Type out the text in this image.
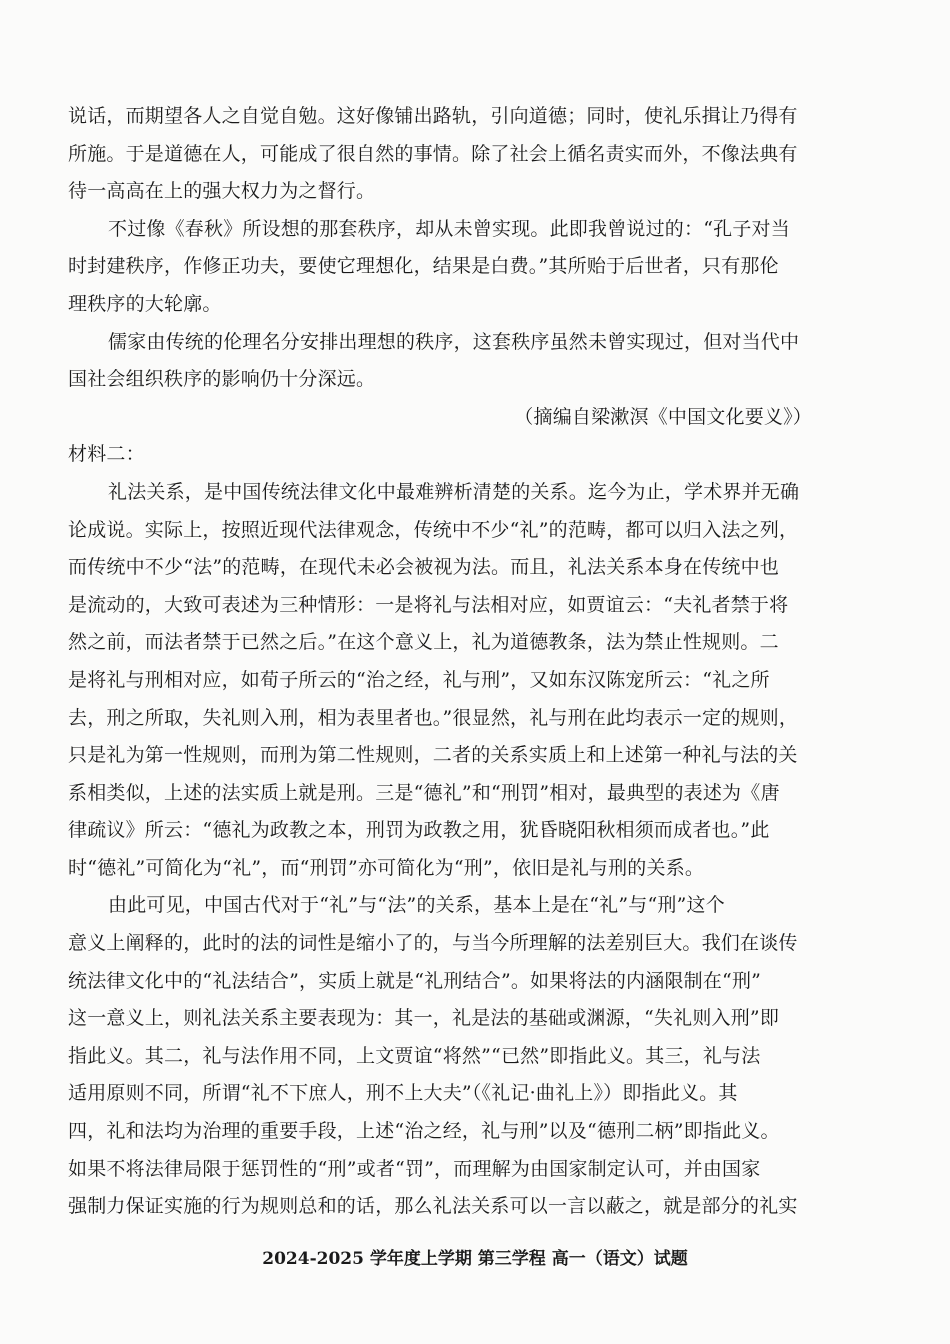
说话，而期望各人之自觉自勉。这好像铺出路轨，引向道德；同时，使礼乐揖让乃得有
所施。于是道德在人，可能成了很自然的事情。除了社会上循名责实而外，不像法典有
待一高高在上的强大权力为之督行。
不过像《春秋》所设想的那套秩序，却从未曾实现。此即我曾说过的：“孔子对当
时封建秩序，作修正功夫，要使它理想化，结果是白费。”其所贻于后世者，只有那伦
理秩序的大轮廓。
儒家由传统的伦理名分安排出理想的秩序，这套秩序虽然未曾实现过，但对当代中
国社会组织秩序的影响仍十分深远。
（摘编自梁漱溟《中国文化要义》）
材料二：
礼法关系，是中国传统法律文化中最难辨析清楚的关系。迄今为止，学术界并无确
论成说。实际上，按照近现代法律观念，传统中不少“礼”的范畴，都可以归入法之列，
而传统中不少“法”的范畴，在现代未必会被视为法。而且，礼法关系本身在传统中也
是流动的，大致可表述为三种情形：一是将礼与法相对应，如贾谊云：“夫礼者禁于将
然之前，而法者禁于已然之后。”在这个意义上，礼为道德教条，法为禁止性规则。二
是将礼与刑相对应，如荀子所云的“治之经，礼与刑”，又如东汉陈宠所云：“礼之所
去，刑之所取，失礼则入刑，相为表里者也。”很显然，礼与刑在此均表示一定的规则，
只是礼为第一性规则，而刑为第二性规则，二者的关系实质上和上述第一种礼与法的关
系相类似，上述的法实质上就是刑。三是“德礼”和“刑罚”相对，最典型的表述为《唐
律疏议》所云：“德礼为政教之本，刑罚为政教之用，犹昏晓阳秋相须而成者也。”此
时“德礼”可简化为“礼”，而“刑罚”亦可简化为“刑”，依旧是礼与刑的关系。
由此可见，中国古代对于“礼”与“法”的关系，基本上是在“礼”与“刑”这个
意义上阐释的，此时的法的词性是缩小了的，与当今所理解的法差别巨大。我们在谈传
统法律文化中的“礼法结合”，实质上就是“礼刑结合”。如果将法的内涵限制在“刑”
这一意义上，则礼法关系主要表现为：其一，礼是法的基础或渊源，“失礼则入刑”即
指此义。其二，礼与法作用不同，上文贾谊“将然”“已然”即指此义。其三，礼与法
适用原则不同，所谓“礼不下庶人，刑不上大夫”（《礼记·曲礼上》）即指此义。其
四，礼和法均为治理的重要手段，上述“治之经，礼与刑”以及“德刑二柄”即指此义。
如果不将法律局限于惩罚性的“刑”或者“罚”，而理解为由国家制定认可，并由国家
强制力保证实施的行为规则总和的话，那么礼法关系可以一言以蔽之，就是部分的礼实
2024-2025 学年度上学期 第三学程 高一（语文）试题
